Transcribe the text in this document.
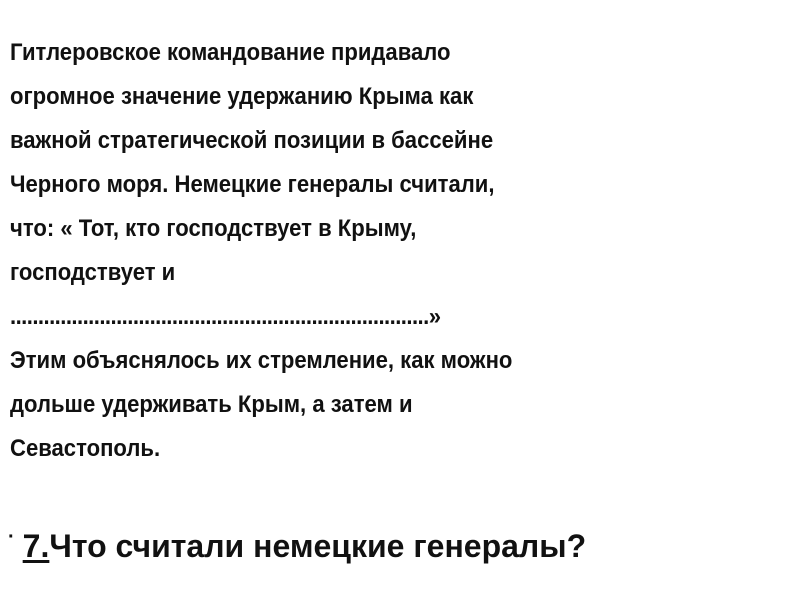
Гитлеровское командование придавало
огромное значение удержанию Крыма как
важной стратегической позиции в бассейне
Черного моря. Немецкие генералы считали,
что: « Тот, кто господствует в Крыму,
господствует и
...........................................................................»
Этим объяснялось их стремление, как можно
дольше удерживать Крым, а затем и
Севастополь.
· 7.Что считали немецкие генералы?
